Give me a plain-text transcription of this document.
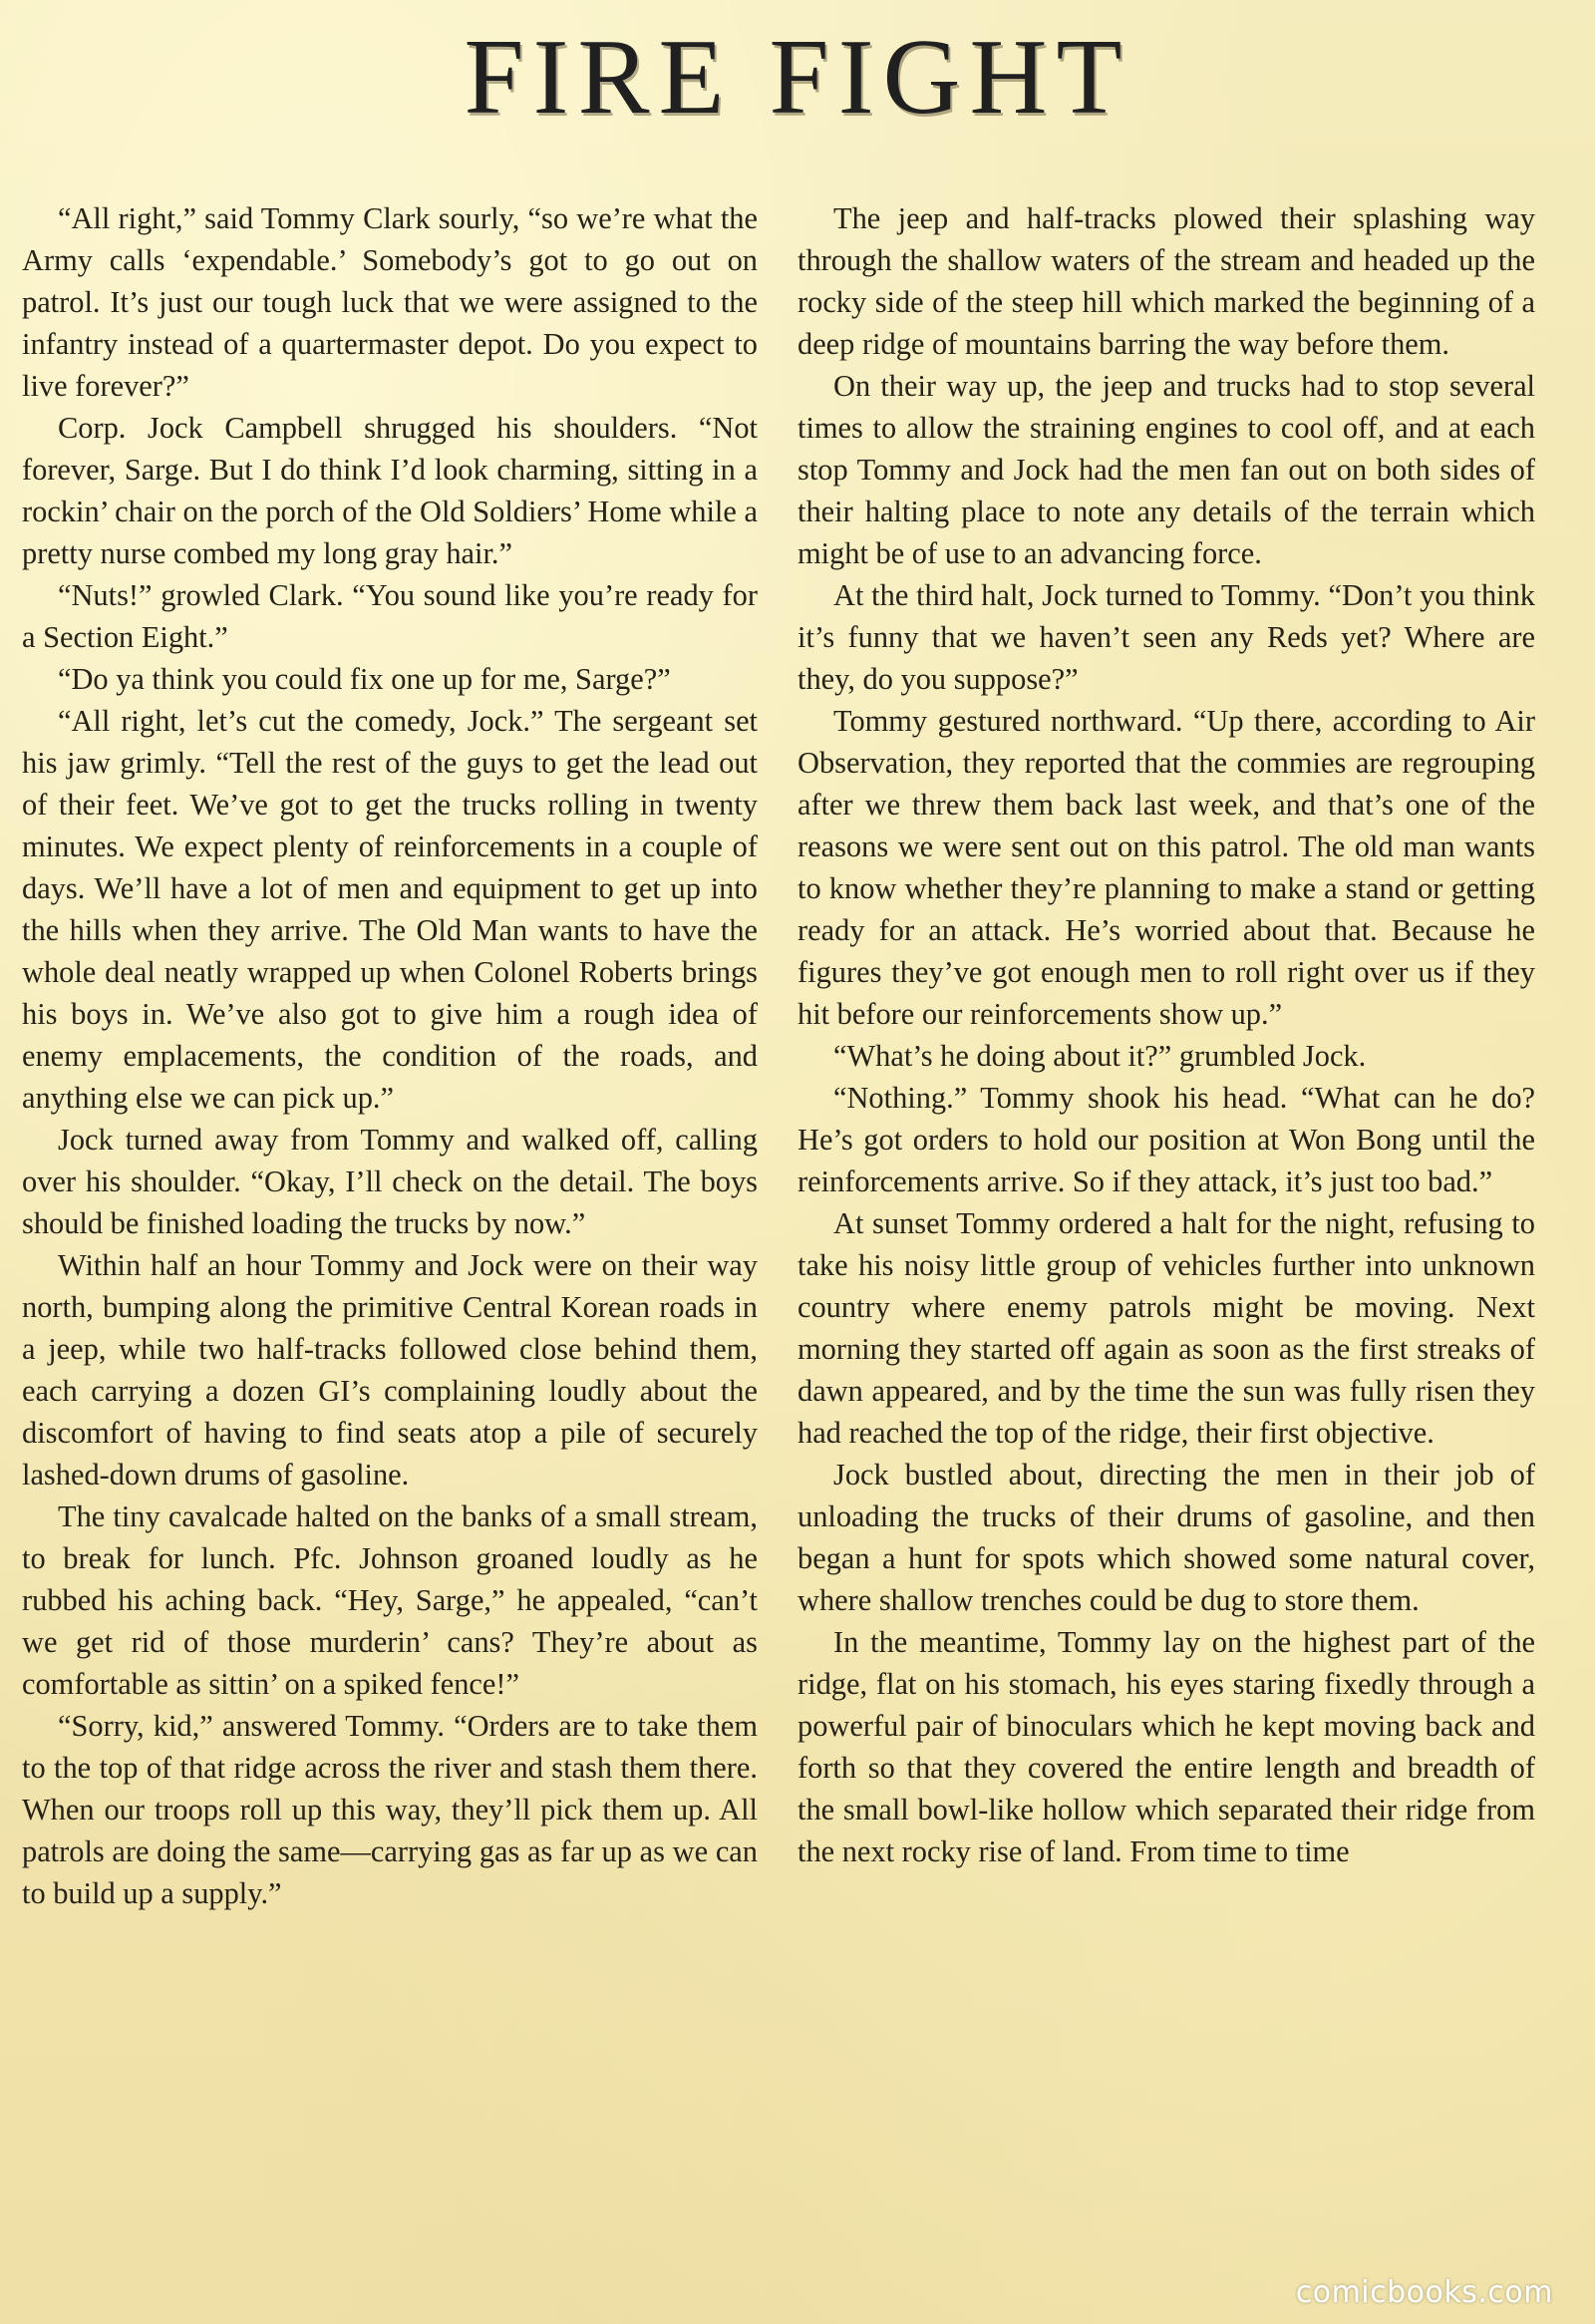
FIRE FIGHT

“All right,” said Tommy Clark sourly, “so we’re what the Army calls ‘expendable.’ Somebody’s got to go out on patrol. It’s just our tough luck that we were assigned to the infantry instead of a quartermaster depot. Do you expect to live forever?”

Corp. Jock Campbell shrugged his shoulders. “Not forever, Sarge. But I do think I’d look charming, sitting in a rockin’ chair on the porch of the Old Soldiers’ Home while a pretty nurse combed my long gray hair.”

“Nuts!” growled Clark. “You sound like you’re ready for a Section Eight.”

“Do ya think you could fix one up for me, Sarge?”

“All right, let’s cut the comedy, Jock.” The sergeant set his jaw grimly. “Tell the rest of the guys to get the lead out of their feet. We’ve got to get the trucks rolling in twenty minutes. We expect plenty of reinforcements in a couple of days. We’ll have a lot of men and equipment to get up into the hills when they arrive. The Old Man wants to have the whole deal neatly wrapped up when Colonel Roberts brings his boys in. We’ve also got to give him a rough idea of enemy emplacements, the condition of the roads, and anything else we can pick up.”

Jock turned away from Tommy and walked off, calling over his shoulder. “Okay, I’ll check on the detail. The boys should be finished loading the trucks by now.”

Within half an hour Tommy and Jock were on their way north, bumping along the primitive Central Korean roads in a jeep, while two half-tracks followed close behind them, each carrying a dozen GI’s complaining loudly about the discomfort of having to find seats atop a pile of securely lashed-down drums of gasoline.

The tiny cavalcade halted on the banks of a small stream, to break for lunch. Pfc. Johnson groaned loudly as he rubbed his aching back. “Hey, Sarge,” he appealed, “can’t we get rid of those murderin’ cans? They’re about as comfortable as sittin’ on a spiked fence!”

“Sorry, kid,” answered Tommy. “Orders are to take them to the top of that ridge across the river and stash them there. When our troops roll up this way, they’ll pick them up. All patrols are doing the same—carrying gas as far up as we can to build up a supply.”

The jeep and half-tracks plowed their splashing way through the shallow waters of the stream and headed up the rocky side of the steep hill which marked the beginning of a deep ridge of mountains barring the way before them.

On their way up, the jeep and trucks had to stop several times to allow the straining engines to cool off, and at each stop Tommy and Jock had the men fan out on both sides of their halting place to note any details of the terrain which might be of use to an advancing force.

At the third halt, Jock turned to Tommy. “Don’t you think it’s funny that we haven’t seen any Reds yet? Where are they, do you suppose?”

Tommy gestured northward. “Up there, according to Air Observation, they reported that the commies are regrouping after we threw them back last week, and that’s one of the reasons we were sent out on this patrol. The old man wants to know whether they’re planning to make a stand or getting ready for an attack. He’s worried about that. Because he figures they’ve got enough men to roll right over us if they hit before our reinforcements show up.”

“What’s he doing about it?” grumbled Jock.

“Nothing.” Tommy shook his head. “What can he do? He’s got orders to hold our position at Won Bong until the reinforcements arrive. So if they attack, it’s just too bad.”

At sunset Tommy ordered a halt for the night, refusing to take his noisy little group of vehicles further into unknown country where enemy patrols might be moving. Next morning they started off again as soon as the first streaks of dawn appeared, and by the time the sun was fully risen they had reached the top of the ridge, their first objective.

Jock bustled about, directing the men in their job of unloading the trucks of their drums of gasoline, and then began a hunt for spots which showed some natural cover, where shallow trenches could be dug to store them.

In the meantime, Tommy lay on the highest part of the ridge, flat on his stomach, his eyes staring fixedly through a powerful pair of binoculars which he kept moving back and forth so that they covered the entire length and breadth of the small bowl-like hollow which separated their ridge from the next rocky rise of land. From time to time

comicbooks.com
